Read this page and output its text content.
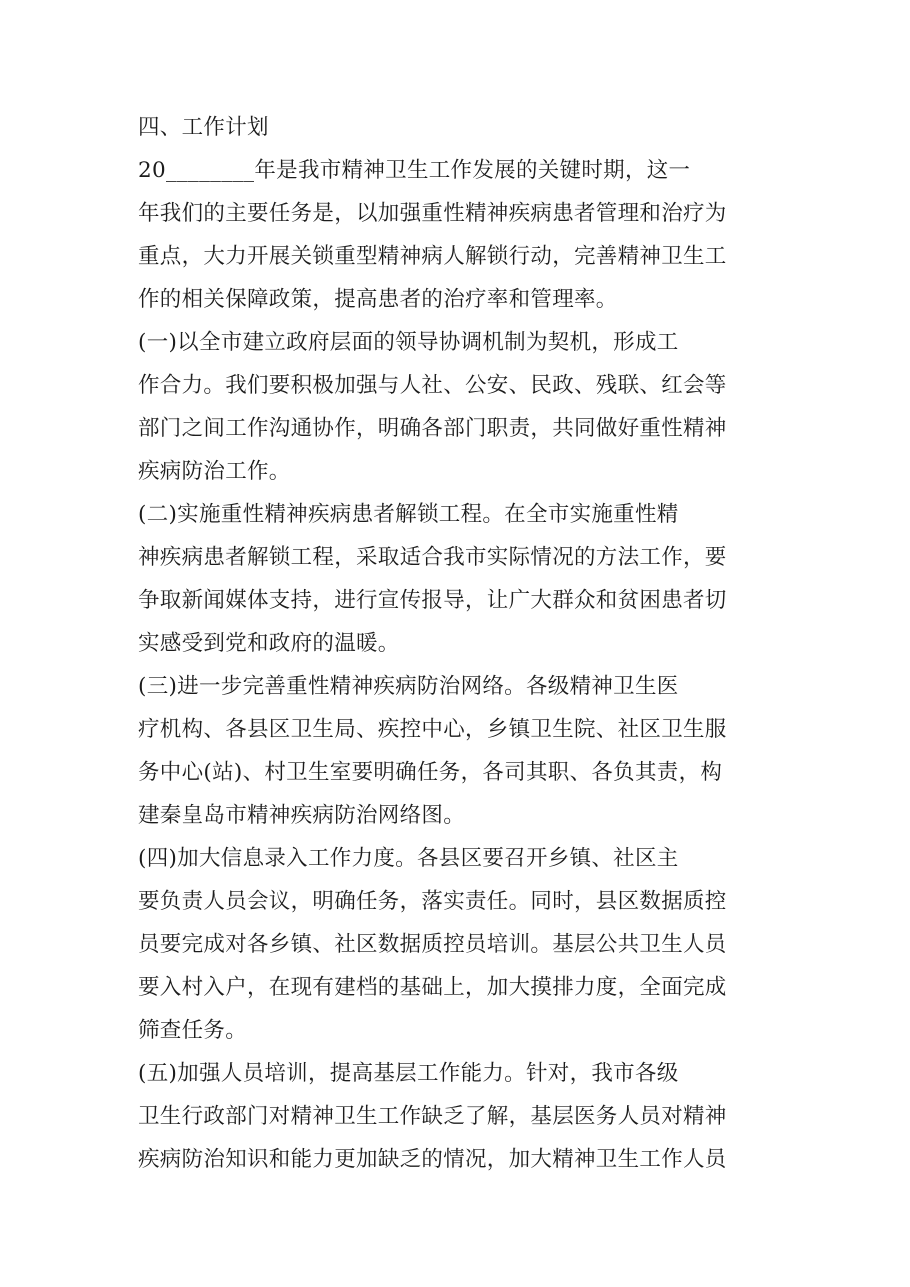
四、工作计划
20________年是我市精神卫生工作发展的关键时期，这一
年我们的主要任务是，以加强重性精神疾病患者管理和治疗为
重点，大力开展关锁重型精神病人解锁行动，完善精神卫生工
作的相关保障政策，提高患者的治疗率和管理率。
(一)以全市建立政府层面的领导协调机制为契机，形成工
作合力。我们要积极加强与人社、公安、民政、残联、红会等
部门之间工作沟通协作，明确各部门职责，共同做好重性精神
疾病防治工作。
(二)实施重性精神疾病患者解锁工程。在全市实施重性精
神疾病患者解锁工程，采取适合我市实际情况的方法工作，要
争取新闻媒体支持，进行宣传报导，让广大群众和贫困患者切
实感受到党和政府的温暖。
(三)进一步完善重性精神疾病防治网络。各级精神卫生医
疗机构、各县区卫生局、疾控中心，乡镇卫生院、社区卫生服
务中心(站)、村卫生室要明确任务，各司其职、各负其责，构
建秦皇岛市精神疾病防治网络图。
(四)加大信息录入工作力度。各县区要召开乡镇、社区主
要负责人员会议，明确任务，落实责任。同时，县区数据质控
员要完成对各乡镇、社区数据质控员培训。基层公共卫生人员
要入村入户，在现有建档的基础上，加大摸排力度，全面完成
筛查任务。
(五)加强人员培训，提高基层工作能力。针对，我市各级
卫生行政部门对精神卫生工作缺乏了解，基层医务人员对精神
疾病防治知识和能力更加缺乏的情况，加大精神卫生工作人员
